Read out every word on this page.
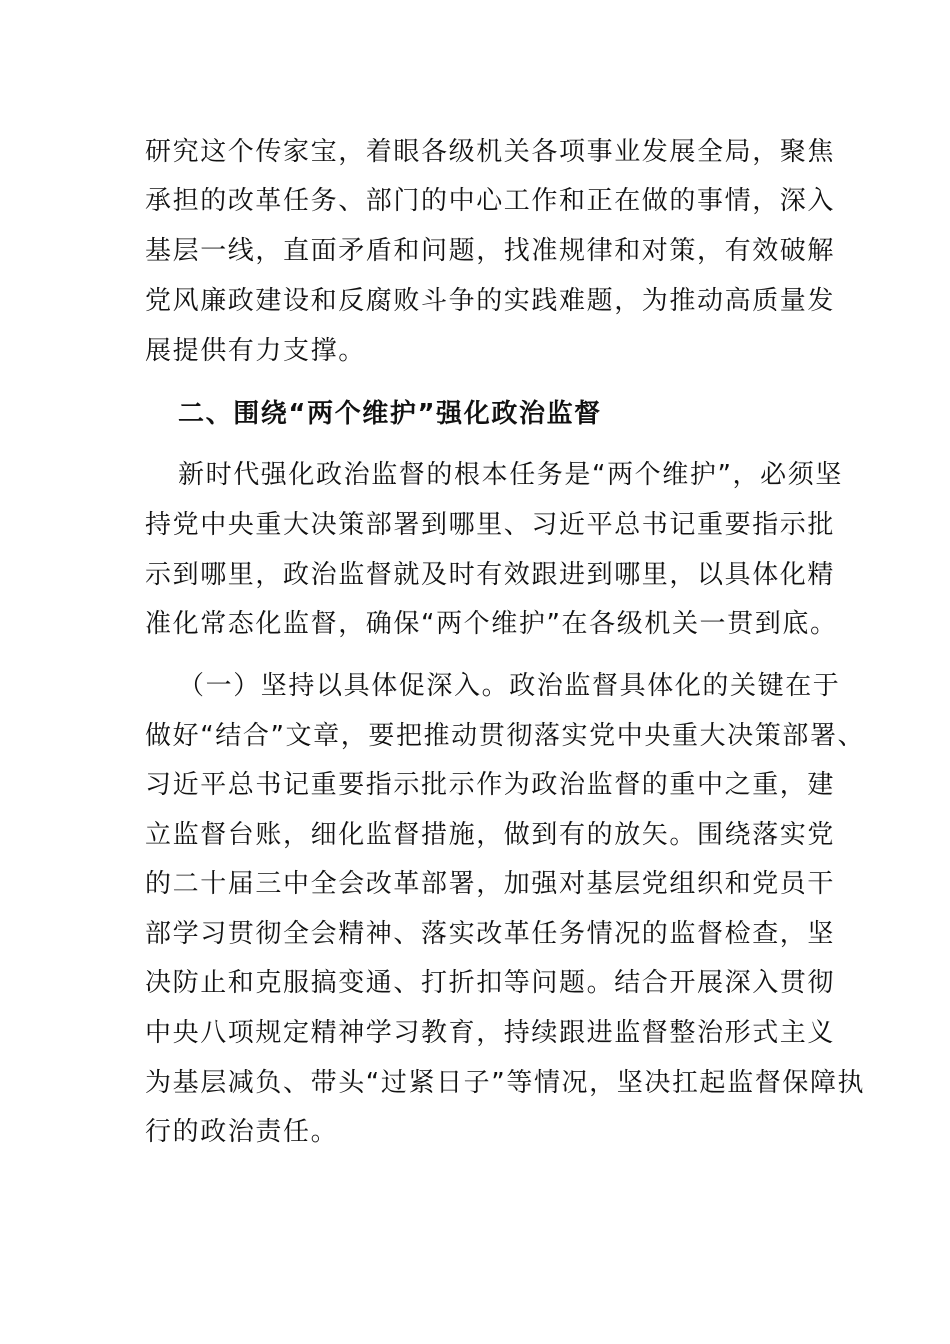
研究这个传家宝，着眼各级机关各项事业发展全局，聚焦
承担的改革任务、部门的中心工作和正在做的事情，深入
基层一线，直面矛盾和问题，找准规律和对策，有效破解
党风廉政建设和反腐败斗争的实践难题，为推动高质量发
展提供有力支撑。
二、围绕“两个维护”强化政治监督
新时代强化政治监督的根本任务是“两个维护”，必须坚
持党中央重大决策部署到哪里、习近平总书记重要指示批
示到哪里，政治监督就及时有效跟进到哪里，以具体化精
准化常态化监督，确保“两个维护”在各级机关一贯到底。
（一）坚持以具体促深入。政治监督具体化的关键在于
做好“结合”文章，要把推动贯彻落实党中央重大决策部署、
习近平总书记重要指示批示作为政治监督的重中之重，建
立监督台账，细化监督措施，做到有的放矢。围绕落实党
的二十届三中全会改革部署，加强对基层党组织和党员干
部学习贯彻全会精神、落实改革任务情况的监督检查，坚
决防止和克服搞变通、打折扣等问题。结合开展深入贯彻
中央八项规定精神学习教育，持续跟进监督整治形式主义
为基层减负、带头“过紧日子”等情况，坚决扛起监督保障执
行的政治责任。
